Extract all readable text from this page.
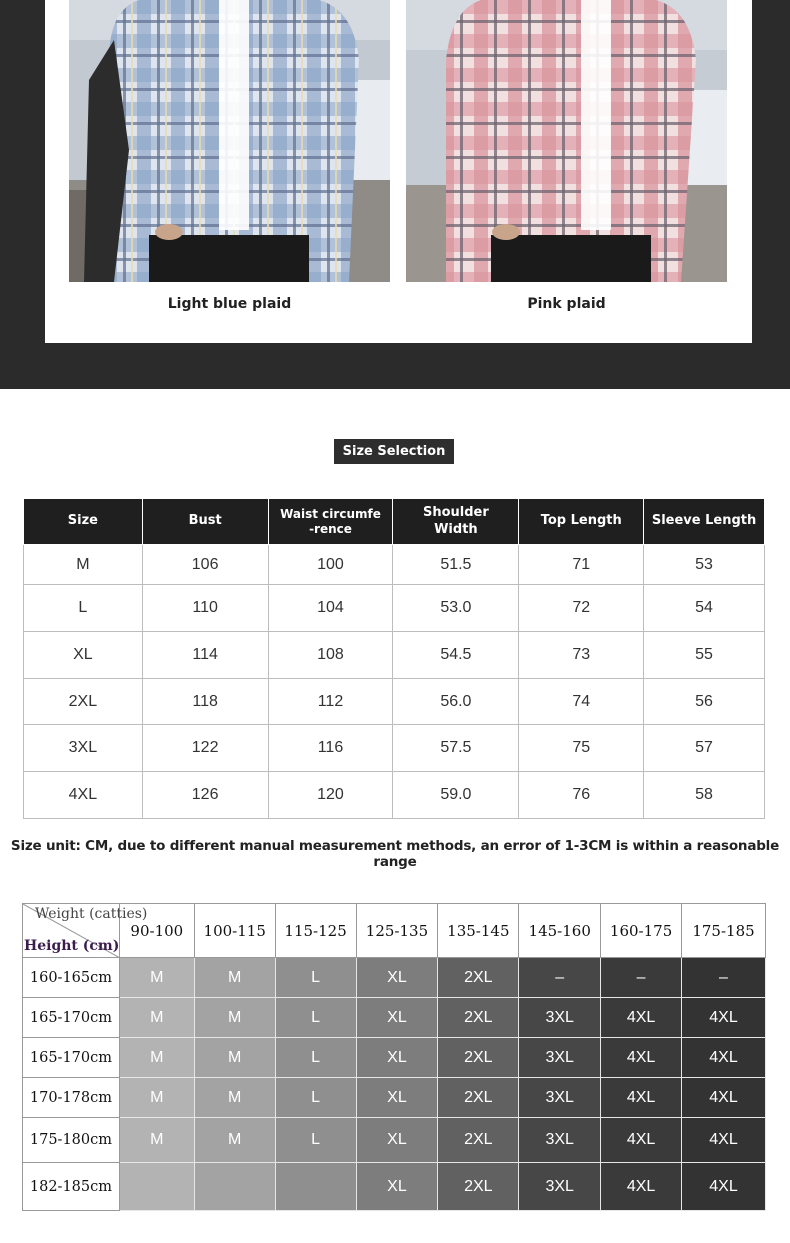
Light blue plaid	Pink plaid
Size Selection
Size	Bust	Waist circumfe-rence	Shoulder Width	Top Length	Sleeve Length
M	106	100	51.5	71	53
L	110	104	53.0	72	54
XL	114	108	54.5	73	55
2XL	118	112	56.0	74	56
3XL	122	116	57.5	75	57
4XL	126	120	59.0	76	58
Size unit: CM, due to different manual measurement methods, an error of 1-3CM is within a reasonable range
Weight (catties)
Height (cm)	90-100	100-115	115-125	125-135	135-145	145-160	160-175	175-185
160-165cm	M	M	L	XL	2XL	–	–	–
165-170cm	M	M	L	XL	2XL	3XL	4XL	4XL
165-170cm	M	M	L	XL	2XL	3XL	4XL	4XL
170-178cm	M	M	L	XL	2XL	3XL	4XL	4XL
175-180cm	M	M	L	XL	2XL	3XL	4XL	4XL
182-185cm				XL	2XL	3XL	4XL	4XL
